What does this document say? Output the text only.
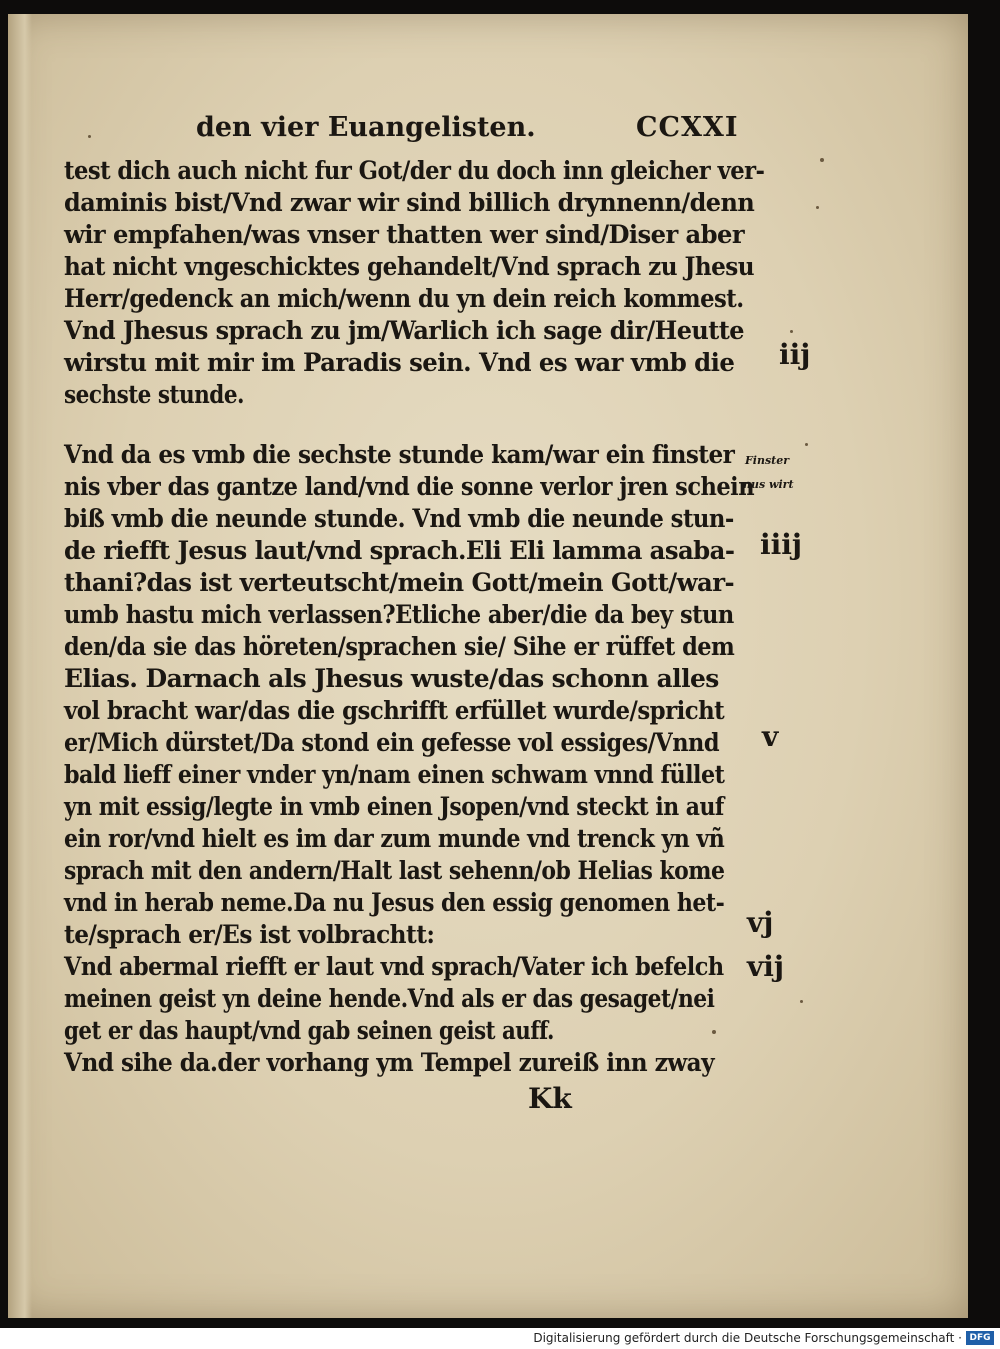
den vier Euangelisten.	CCXXI
test dich auch nicht fur Got/der du doch inn gleicher ver-
daminis bist/Vnd zwar wir sind billich drynnenn/denn
wir empfahen/was vnser thatten wer sind/Diser aber
hat nicht vngeschicktes gehandelt/Vnd sprach zu Jhesu
Herr/gedenck an mich/wenn du yn dein reich kommest.
Vnd Jhesus sprach zu jm/Warlich ich sage dir/Heutte
wirstu mit mir im Paradis sein. Vnd es war vmb die
sechste stunde.
Vnd da es vmb die sechste stunde kam/war ein finster
nis vber das gantze land/vnd die sonne verlor jren schein
biß vmb die neunde stunde. Vnd vmb die neunde stun-
de riefft Jesus laut/vnd sprach.Eli Eli lamma asaba-
thani?das ist verteutscht/mein Gott/mein Gott/war-
umb hastu mich verlassen?Etliche aber/die da bey stun
den/da sie das höreten/sprachen sie/ Sihe er rüffet dem
Elias. Darnach als Jhesus wuste/das schonn alles
vol bracht war/das die gschrifft erfüllet wurde/spricht
er/Mich dürstet/Da stond ein gefesse vol essiges/Vnnd
bald lieff einer vnder yn/nam einen schwam vnnd füllet
yn mit essig/legte in vmb einen Jsopen/vnd steckt in auf
ein ror/vnd hielt es im dar zum munde vnd trenck yn vñ
sprach mit den andern/Halt last sehenn/ob Helias kome
vnd in herab neme.Da nu Jesus den essig genomen het-
te/sprach er/Es ist volbrachtt:
Vnd abermal riefft er laut vnd sprach/Vater ich befelch
meinen geist yn deine hende.Vnd als er das gesaget/nei
get er das haupt/vnd gab seinen geist auff.
Vnd sihe da.der vorhang ym Tempel zureiß inn zway
iij
Finster
nus wirt
iiij
v
vj
vij
Kk
Digitalisierung gefördert durch die Deutsche Forschungsgemeinschaft · DFG
